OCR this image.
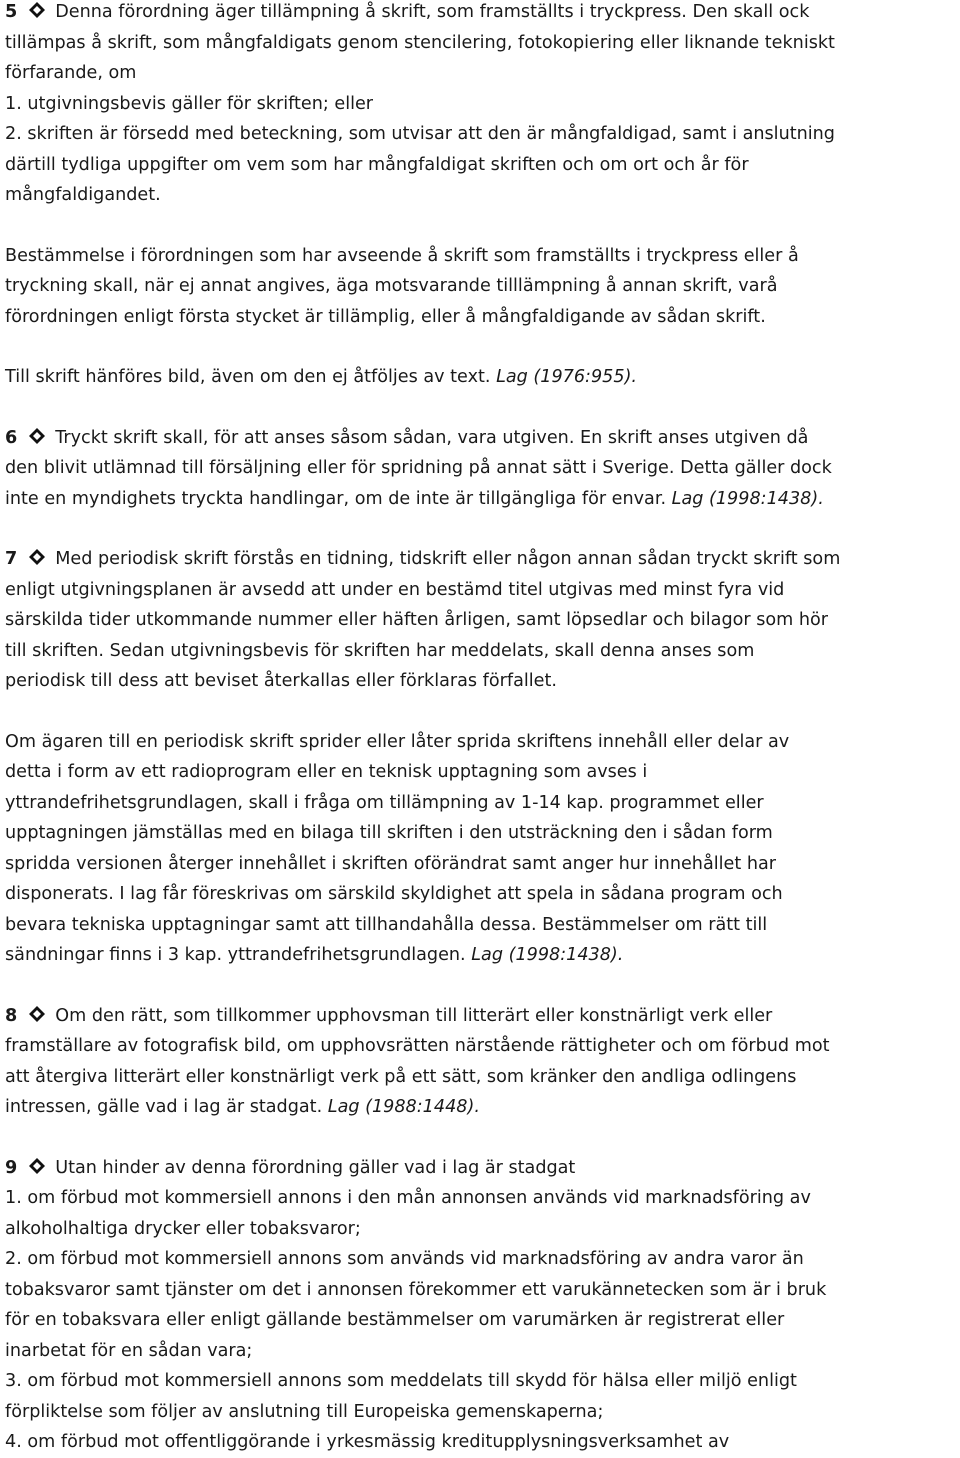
5 Denna förordning äger tillämpning å skrift, som framställts i tryckpress. Den skall ock

tillämpas å skrift, som mångfaldigats genom stencilering, fotokopiering eller liknande tekniskt

förfarande, om

1. utgivningsbevis gäller för skriften; eller

2. skriften är försedd med beteckning, som utvisar att den är mångfaldigad, samt i anslutning

därtill tydliga uppgifter om vem som har mångfaldigat skriften och om ort och år för

mångfaldigandet.

Bestämmelse i förordningen som har avseende å skrift som framställts i tryckpress eller å

tryckning skall, när ej annat angives, äga motsvarande tilllämpning å annan skrift, varå

förordningen enligt första stycket är tillämplig, eller å mångfaldigande av sådan skrift.

Till skrift hänföres bild, även om den ej åtföljes av text. Lag (1976:955).

6 Tryckt skrift skall, för att anses såsom sådan, vara utgiven. En skrift anses utgiven då

den blivit utlämnad till försäljning eller för spridning på annat sätt i Sverige. Detta gäller dock

inte en myndighets tryckta handlingar, om de inte är tillgängliga för envar. Lag (1998:1438).

7 Med periodisk skrift förstås en tidning, tidskrift eller någon annan sådan tryckt skrift som

enligt utgivningsplanen är avsedd att under en bestämd titel utgivas med minst fyra vid

särskilda tider utkommande nummer eller häften årligen, samt löpsedlar och bilagor som hör

till skriften. Sedan utgivningsbevis för skriften har meddelats, skall denna anses som

periodisk till dess att beviset återkallas eller förklaras förfallet.

Om ägaren till en periodisk skrift sprider eller låter sprida skriftens innehåll eller delar av

detta i form av ett radioprogram eller en teknisk upptagning som avses i

yttrandefrihetsgrundlagen, skall i fråga om tillämpning av 1-14 kap. programmet eller

upptagningen jämställas med en bilaga till skriften i den utsträckning den i sådan form

spridda versionen återger innehållet i skriften oförändrat samt anger hur innehållet har

disponerats. I lag får föreskrivas om särskild skyldighet att spela in sådana program och

bevara tekniska upptagningar samt att tillhandahålla dessa. Bestämmelser om rätt till

sändningar finns i 3 kap. yttrandefrihetsgrundlagen. Lag (1998:1438).

8 Om den rätt, som tillkommer upphovsman till litterärt eller konstnärligt verk eller

framställare av fotografisk bild, om upphovsrätten närstående rättigheter och om förbud mot

att återgiva litterärt eller konstnärligt verk på ett sätt, som kränker den andliga odlingens

intressen, gälle vad i lag är stadgat. Lag (1988:1448).

9 Utan hinder av denna förordning gäller vad i lag är stadgat

1. om förbud mot kommersiell annons i den mån annonsen används vid marknadsföring av

alkoholhaltiga drycker eller tobaksvaror;

2. om förbud mot kommersiell annons som används vid marknadsföring av andra varor än

tobaksvaror samt tjänster om det i annonsen förekommer ett varukännetecken som är i bruk

för en tobaksvara eller enligt gällande bestämmelser om varumärken är registrerat eller

inarbetat för en sådan vara;

3. om förbud mot kommersiell annons som meddelats till skydd för hälsa eller miljö enligt

förpliktelse som följer av anslutning till Europeiska gemenskaperna;

4. om förbud mot offentliggörande i yrkesmässig kreditupplysningsverksamhet av
